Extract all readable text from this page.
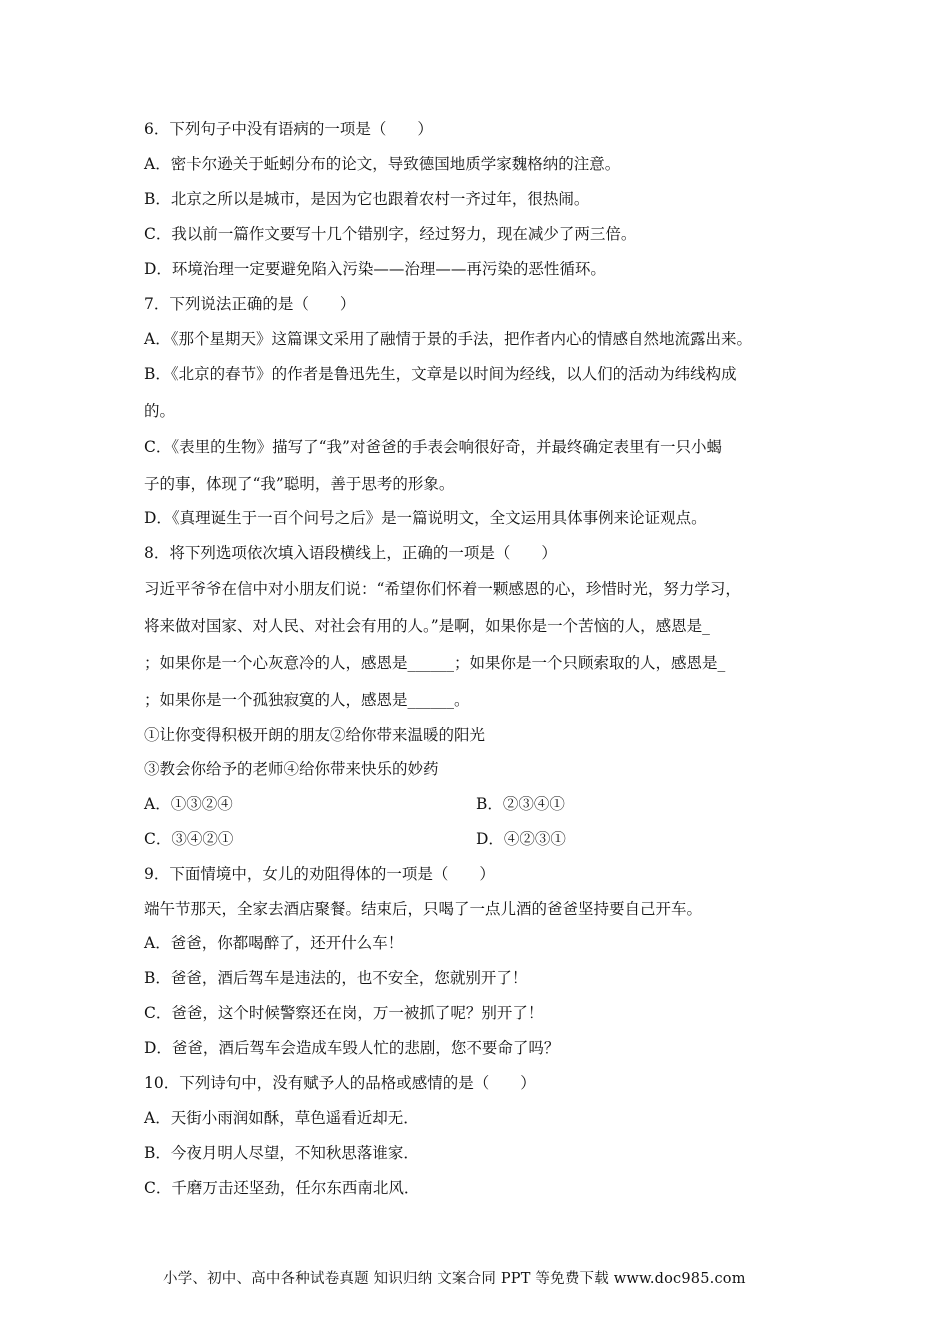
6．下列句子中没有语病的一项是（　　）
A．密卡尔逊关于蚯蚓分布的论文，导致德国地质学家魏格纳的注意。
B．北京之所以是城市，是因为它也跟着农村一齐过年，很热闹。
C．我以前一篇作文要写十几个错别字，经过努力，现在减少了两三倍。
D．环境治理一定要避免陷入污染——治理——再污染的恶性循环。
7．下列说法正确的是（　　）
A．《那个星期天》这篇课文采用了融情于景的手法，把作者内心的情感自然地流露出来。
B．《北京的春节》的作者是鲁迅先生，文章是以时间为经线，以人们的活动为纬线构成
的。
C．《表里的生物》描写了“我”对爸爸的手表会响很好奇，并最终确定表里有一只小蝎
子的事，体现了“我”聪明，善于思考的形象。
D．《真理诞生于一百个问号之后》是一篇说明文，全文运用具体事例来论证观点。
8．将下列选项依次填入语段横线上，正确的一项是（　　）
习近平爷爷在信中对小朋友们说：“希望你们怀着一颗感恩的心，珍惜时光，努力学习，
将来做对国家、对人民、对社会有用的人。”是啊，如果你是一个苦恼的人，感恩是_
；如果你是一个心灰意冷的人，感恩是______；如果你是一个只顾索取的人，感恩是_
；如果你是一个孤独寂寞的人，感恩是______。
①让你变得积极开朗的朋友②给你带来温暖的阳光
③教会你给予的老师④给你带来快乐的妙药
A．①③②④	B．②③④①
C．③④②①	D．④②③①
9．下面情境中，女儿的劝阻得体的一项是（　　）
端午节那天，全家去酒店聚餐。结束后，只喝了一点儿酒的爸爸坚持要自己开车。
A．爸爸，你都喝醉了，还开什么车！
B．爸爸，酒后驾车是违法的，也不安全，您就别开了！
C．爸爸，这个时候警察还在岗，万一被抓了呢？别开了！
D．爸爸，酒后驾车会造成车毁人忙的悲剧，您不要命了吗？
10．下列诗句中，没有赋予人的品格或感情的是（　　）
A．天街小雨润如酥，草色遥看近却无．
B．今夜月明人尽望，不知秋思落谁家．
C．千磨万击还坚劲，任尔东西南北风．
小学、初中、高中各种试卷真题 知识归纳 文案合同 PPT 等免费下载 www.doc985.com
